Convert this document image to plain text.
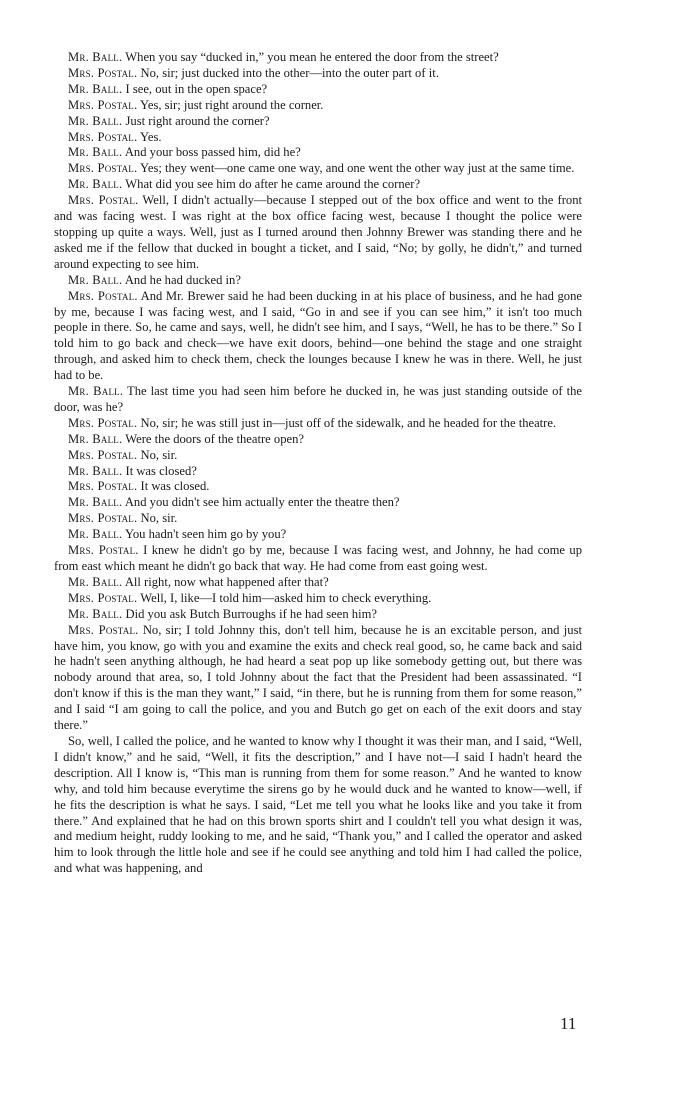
Mr. Ball. When you say “ducked in,” you mean he entered the door from the street?

Mrs. Postal. No, sir; just ducked into the other—into the outer part of it.

Mr. Ball. I see, out in the open space?

Mrs. Postal. Yes, sir; just right around the corner.

Mr. Ball. Just right around the corner?

Mrs. Postal. Yes.

Mr. Ball. And your boss passed him, did he?

Mrs. Postal. Yes; they went—one came one way, and one went the other way just at the same time.

Mr. Ball. What did you see him do after he came around the corner?

Mrs. Postal. Well, I didn't actually—because I stepped out of the box office and went to the front and was facing west. I was right at the box office facing west, because I thought the police were stopping up quite a ways. Well, just as I turned around then Johnny Brewer was standing there and he asked me if the fellow that ducked in bought a ticket, and I said, “No; by golly, he didn't,” and turned around expecting to see him.

Mr. Ball. And he had ducked in?

Mrs. Postal. And Mr. Brewer said he had been ducking in at his place of business, and he had gone by me, because I was facing west, and I said, “Go in and see if you can see him,” it isn't too much people in there. So, he came and says, well, he didn't see him, and I says, “Well, he has to be there.” So I told him to go back and check—we have exit doors, behind—one behind the stage and one straight through, and asked him to check them, check the lounges because I knew he was in there. Well, he just had to be.

Mr. Ball. The last time you had seen him before he ducked in, he was just standing outside of the door, was he?

Mrs. Postal. No, sir; he was still just in—just off of the sidewalk, and he headed for the theatre.

Mr. Ball. Were the doors of the theatre open?

Mrs. Postal. No, sir.

Mr. Ball. It was closed?

Mrs. Postal. It was closed.

Mr. Ball. And you didn't see him actually enter the theatre then?

Mrs. Postal. No, sir.

Mr. Ball. You hadn't seen him go by you?

Mrs. Postal. I knew he didn't go by me, because I was facing west, and Johnny, he had come up from east which meant he didn't go back that way. He had come from east going west.

Mr. Ball. All right, now what happened after that?

Mrs. Postal. Well, I, like—I told him—asked him to check everything.

Mr. Ball. Did you ask Butch Burroughs if he had seen him?

Mrs. Postal. No, sir; I told Johnny this, don't tell him, because he is an excitable person, and just have him, you know, go with you and examine the exits and check real good, so, he came back and said he hadn't seen anything although, he had heard a seat pop up like somebody getting out, but there was nobody around that area, so, I told Johnny about the fact that the President had been assassinated. “I don't know if this is the man they want,” I said, “in there, but he is running from them for some reason,” and I said “I am going to call the police, and you and Butch go get on each of the exit doors and stay there.”

So, well, I called the police, and he wanted to know why I thought it was their man, and I said, “Well, I didn't know,” and he said, “Well, it fits the description,” and I have not—I said I hadn't heard the description. All I know is, “This man is running from them for some reason.” And he wanted to know why, and told him because everytime the sirens go by he would duck and he wanted to know—well, if he fits the description is what he says. I said, “Let me tell you what he looks like and you take it from there.” And explained that he had on this brown sports shirt and I couldn't tell you what design it was, and medium height, ruddy looking to me, and he said, “Thank you,” and I called the operator and asked him to look through the little hole and see if he could see anything and told him I had called the police, and what was happening, and

11
